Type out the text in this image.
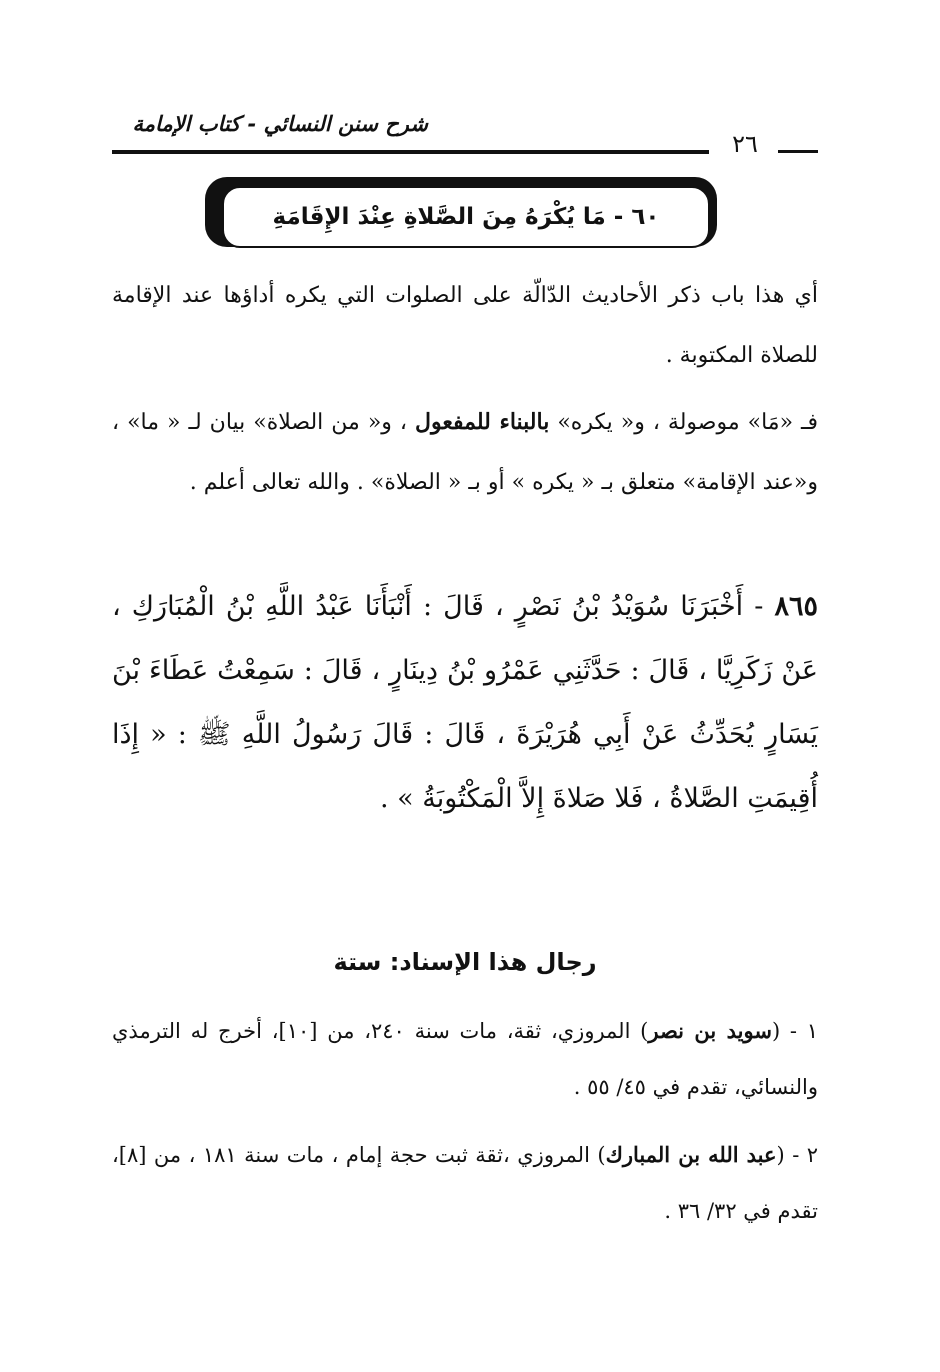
شرح سنن النسائي - كتاب الإمامة
٢٦
٦٠ - مَا يُكْرَهُ مِنَ الصَّلاةِ عِنْدَ الإِقَامَةِ
أي هذا باب ذكر الأحاديث الدّالّة على الصلوات التي يكره أداؤها عند الإقامة للصلاة المكتوبة .
فـ «مَا» موصولة ، و« يكره» بالبناء للمفعول ، و« من الصلاة» بيان لـ « ما» ، و«عند الإقامة» متعلق بـ « يكره » أو بـ « الصلاة» . والله تعالى أعلم .
٨٦٥ - أَخْبَرَنَا سُوَيْدُ بْنُ نَصْرٍ ، قَالَ : أَنْبَأَنَا عَبْدُ اللَّهِ بْنُ الْمُبَارَكِ ، عَنْ زَكَرِيَّا ، قَالَ : حَدَّثَنِي عَمْرُو بْنُ دِينَارٍ ، قَالَ : سَمِعْتُ عَطَاءَ بْنَ يَسَارٍ يُحَدِّثُ عَنْ أَبِي هُرَيْرَةَ ، قَالَ : قَالَ رَسُولُ اللَّهِ ﷺ : « إِذَا أُقِيمَتِ الصَّلاةُ ، فَلا صَلاةَ إِلاَّ الْمَكْتُوبَةُ » .
رجال هذا الإسناد: ستة
١ - (سويد بن نصر) المروزي، ثقة، مات سنة ٢٤٠، من [١٠]، أخرج له الترمذي والنسائي، تقدم في ٤٥/ ٥٥ .
٢ - (عبد الله بن المبارك) المروزي ،ثقة ثبت حجة إمام ، مات سنة ١٨١ ، من [٨]، تقدم في ٣٢/ ٣٦ .
